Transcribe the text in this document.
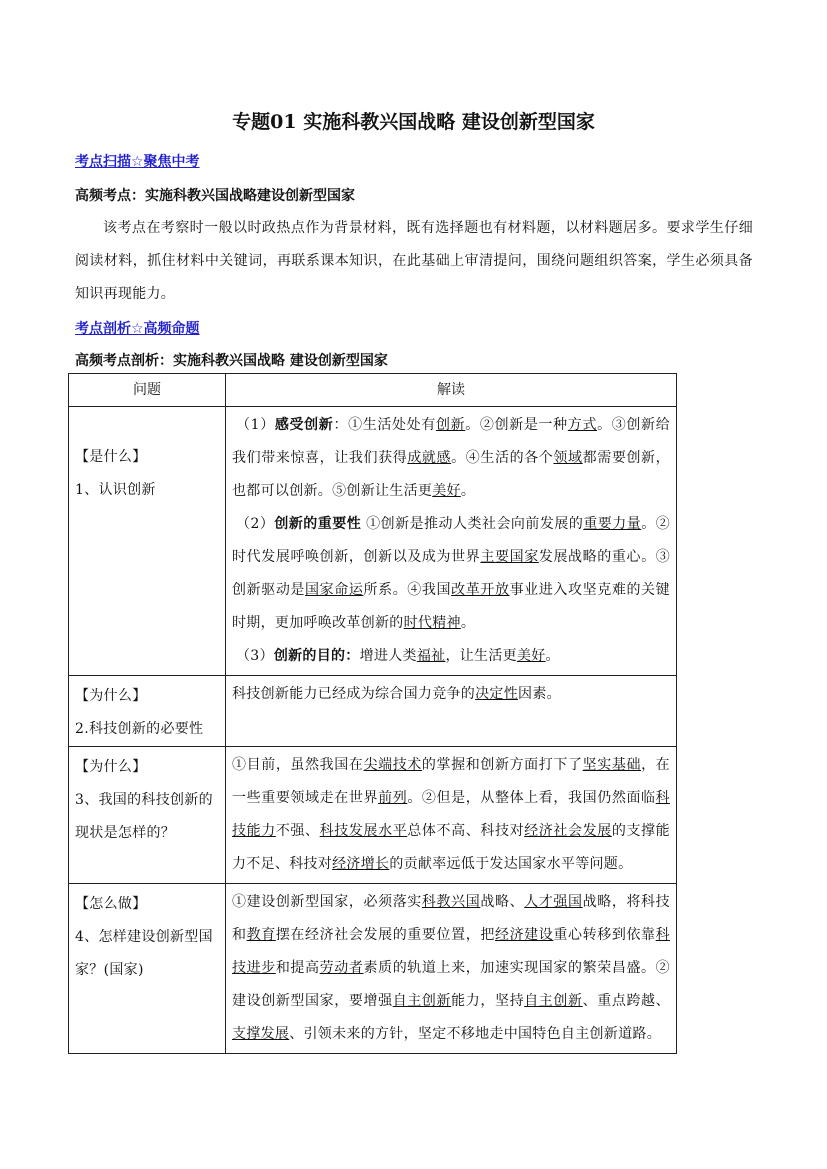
专题01 实施科教兴国战略 建设创新型国家
考点扫描☆聚焦中考
高频考点：实施科教兴国战略建设创新型国家
该考点在考察时一般以时政热点作为背景材料，既有选择题也有材料题，以材料题居多。要求学生仔细阅读材料，抓住材料中关键词，再联系课本知识，在此基础上审清提问，围绕问题组织答案，学生必须具备知识再现能力。
考点剖析☆高频命题
高频考点剖析：实施科教兴国战略 建设创新型国家
问题	解读

【是什么】
1、认识创新	（1）感受创新：①生活处处有创新。②创新是一种方式。③创新给我们带来惊喜，让我们获得成就感。④生活的各个领域都需要创新，也都可以创新。⑤创新让生活更美好。
（2）创新的重要性 ①创新是推动人类社会向前发展的重要力量。②时代发展呼唤创新，创新以及成为世界主要国家发展战略的重心。③创新驱动是国家命运所系。④我国改革开放事业进入攻坚克难的关键时期，更加呼唤改革创新的时代精神。
（3）创新的目的：增进人类福祉，让生活更美好。

【为什么】
2.科技创新的必要性	科技创新能力已经成为综合国力竞争的决定性因素。

【为什么】
3、我国的科技创新的现状是怎样的？	①目前，虽然我国在尖端技术的掌握和创新方面打下了坚实基础，在一些重要领域走在世界前列。②但是，从整体上看，我国仍然面临科技能力不强、科技发展水平总体不高、科技对经济社会发展的支撑能力不足、科技对经济增长的贡献率远低于发达国家水平等问题。

【怎么做】
4、怎样建设创新型国家？(国家)	①建设创新型国家，必须落实科教兴国战略、人才强国战略，将科技和教育摆在经济社会发展的重要位置，把经济建设重心转移到依靠科技进步和提高劳动者素质的轨道上来，加速实现国家的繁荣昌盛。②建设创新型国家，要增强自主创新能力，坚持自主创新、重点跨越、支撑发展、引领未来的方针，坚定不移地走中国特色自主创新道路。
